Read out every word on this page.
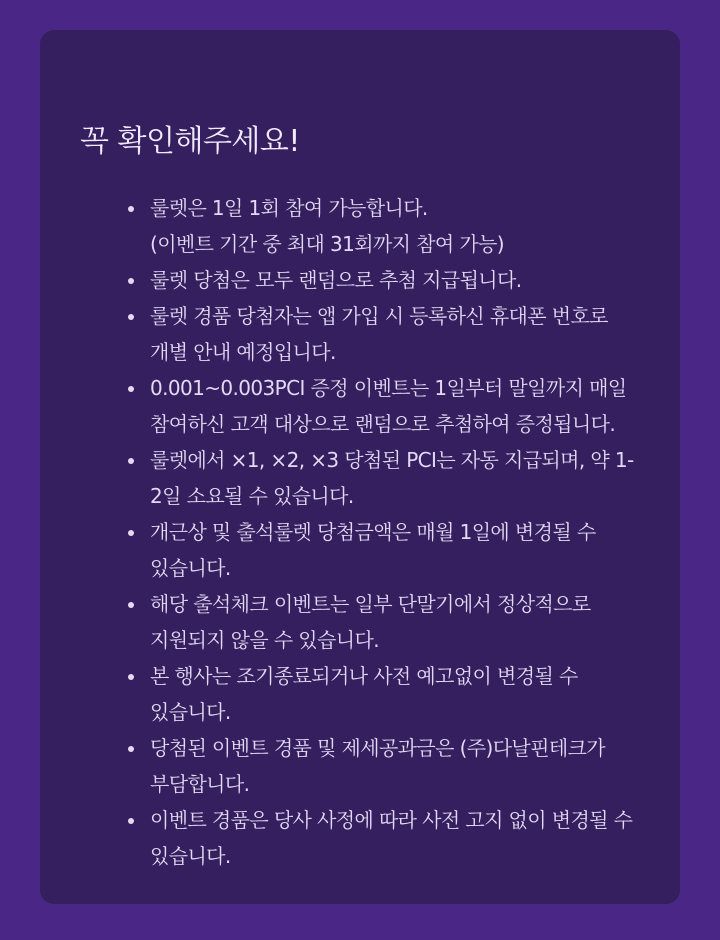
꼭 확인해주세요!
룰렛은 1일 1회 참여 가능합니다.
(이벤트 기간 중 최대 31회까지 참여 가능)
룰렛 당첨은 모두 랜덤으로 추첨 지급됩니다.
룰렛 경품 당첨자는 앱 가입 시 등록하신 휴대폰 번호로
개별 안내 예정입니다.
0.001~0.003PCI 증정 이벤트는 1일부터 말일까지 매일
참여하신 고객 대상으로 랜덤으로 추첨하여 증정됩니다.
룰렛에서 ×1, ×2, ×3 당첨된 PCI는 자동 지급되며, 약 1-
2일 소요될 수 있습니다.
개근상 및 출석룰렛 당첨금액은 매월 1일에 변경될 수
있습니다.
해당 출석체크 이벤트는 일부 단말기에서 정상적으로
지원되지 않을 수 있습니다.
본 행사는 조기종료되거나 사전 예고없이 변경될 수
있습니다.
당첨된 이벤트 경품 및 제세공과금은 (주)다날핀테크가
부담합니다.
이벤트 경품은 당사 사정에 따라 사전 고지 없이 변경될 수
있습니다.
